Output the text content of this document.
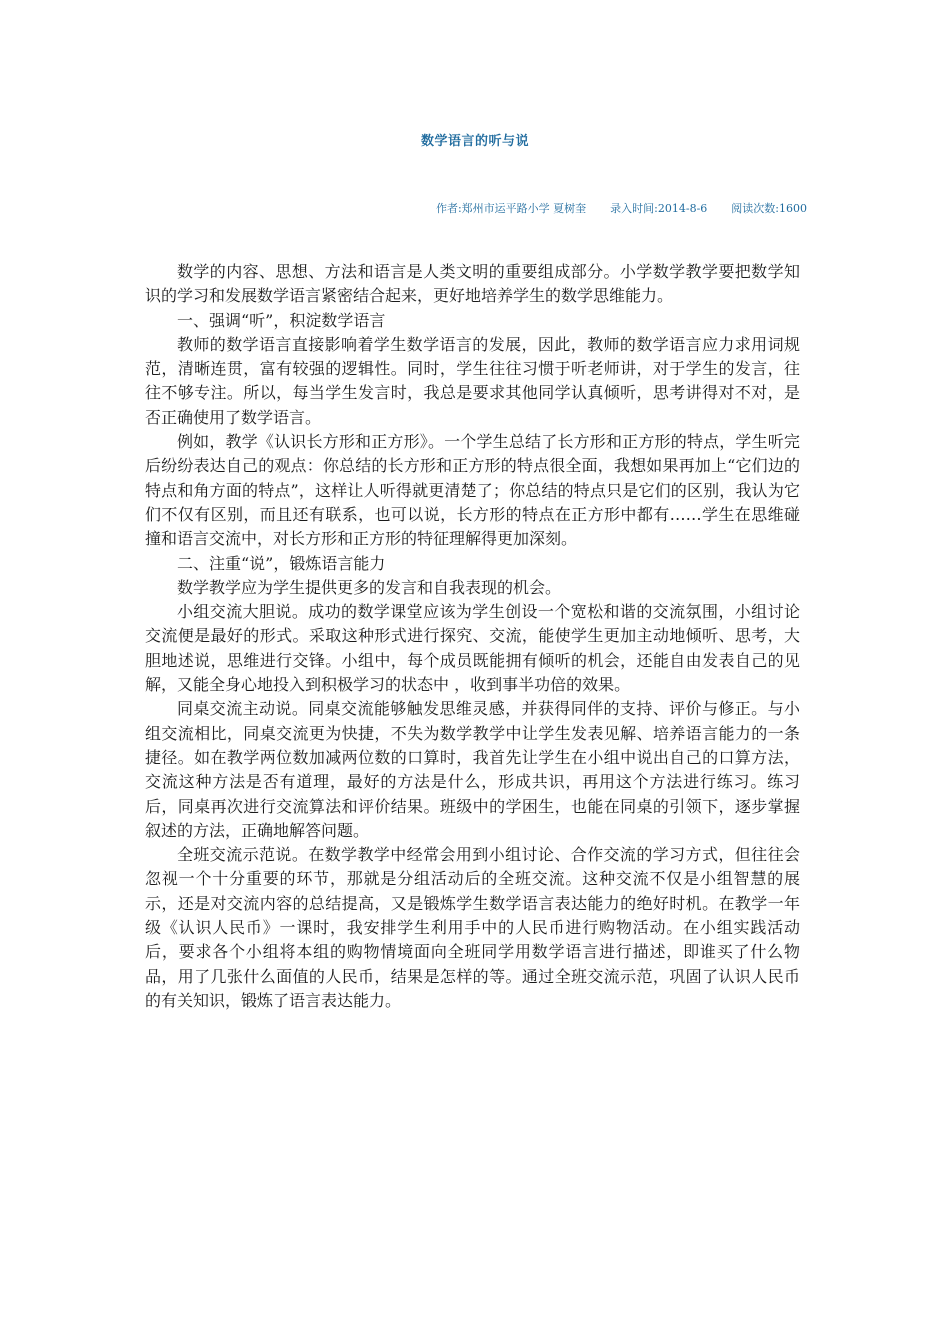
数学语言的听与说
作者:郑州市运平路小学 夏树奎 录入时间:2014-8-6 阅读次数:1600

数学的内容、思想、方法和语言是人类文明的重要组成部分。小学数学教学要把数学知识的学习和发展数学语言紧密结合起来，更好地培养学生的数学思维能力。

一、强调“听”，积淀数学语言

教师的数学语言直接影响着学生数学语言的发展，因此，教师的数学语言应力求用词规范，清晰连贯，富有较强的逻辑性。同时，学生往往习惯于听老师讲，对于学生的发言，往往不够专注。所以，每当学生发言时，我总是要求其他同学认真倾听，思考讲得对不对，是否正确使用了数学语言。

例如，教学《认识长方形和正方形》。一个学生总结了长方形和正方形的特点，学生听完后纷纷表达自己的观点：你总结的长方形和正方形的特点很全面，我想如果再加上“它们边的特点和角方面的特点”，这样让人听得就更清楚了；你总结的特点只是它们的区别，我认为它们不仅有区别，而且还有联系，也可以说，长方形的特点在正方形中都有……学生在思维碰撞和语言交流中，对长方形和正方形的特征理解得更加深刻。

二、注重“说”，锻炼语言能力

数学教学应为学生提供更多的发言和自我表现的机会。

小组交流大胆说。成功的数学课堂应该为学生创设一个宽松和谐的交流氛围，小组讨论交流便是最好的形式。采取这种形式进行探究、交流，能使学生更加主动地倾听、思考，大胆地述说，思维进行交锋。小组中，每个成员既能拥有倾听的机会，还能自由发表自己的见解，又能全身心地投入到积极学习的状态中 ，收到事半功倍的效果。

同桌交流主动说。同桌交流能够触发思维灵感，并获得同伴的支持、评价与修正。与小组交流相比，同桌交流更为快捷，不失为数学教学中让学生发表见解、培养语言能力的一条捷径。如在教学两位数加减两位数的口算时，我首先让学生在小组中说出自己的口算方法，交流这种方法是否有道理，最好的方法是什么，形成共识，再用这个方法进行练习。练习后，同桌再次进行交流算法和评价结果。班级中的学困生，也能在同桌的引领下，逐步掌握叙述的方法，正确地解答问题。

全班交流示范说。在数学教学中经常会用到小组讨论、合作交流的学习方式，但往往会忽视一个十分重要的环节，那就是分组活动后的全班交流。这种交流不仅是小组智慧的展示，还是对交流内容的总结提高，又是锻炼学生数学语言表达能力的绝好时机。在教学一年级《认识人民币》一课时，我安排学生利用手中的人民币进行购物活动。在小组实践活动后，要求各个小组将本组的购物情境面向全班同学用数学语言进行描述，即谁买了什么物品，用了几张什么面值的人民币，结果是怎样的等。通过全班交流示范，巩固了认识人民币的有关知识，锻炼了语言表达能力。
